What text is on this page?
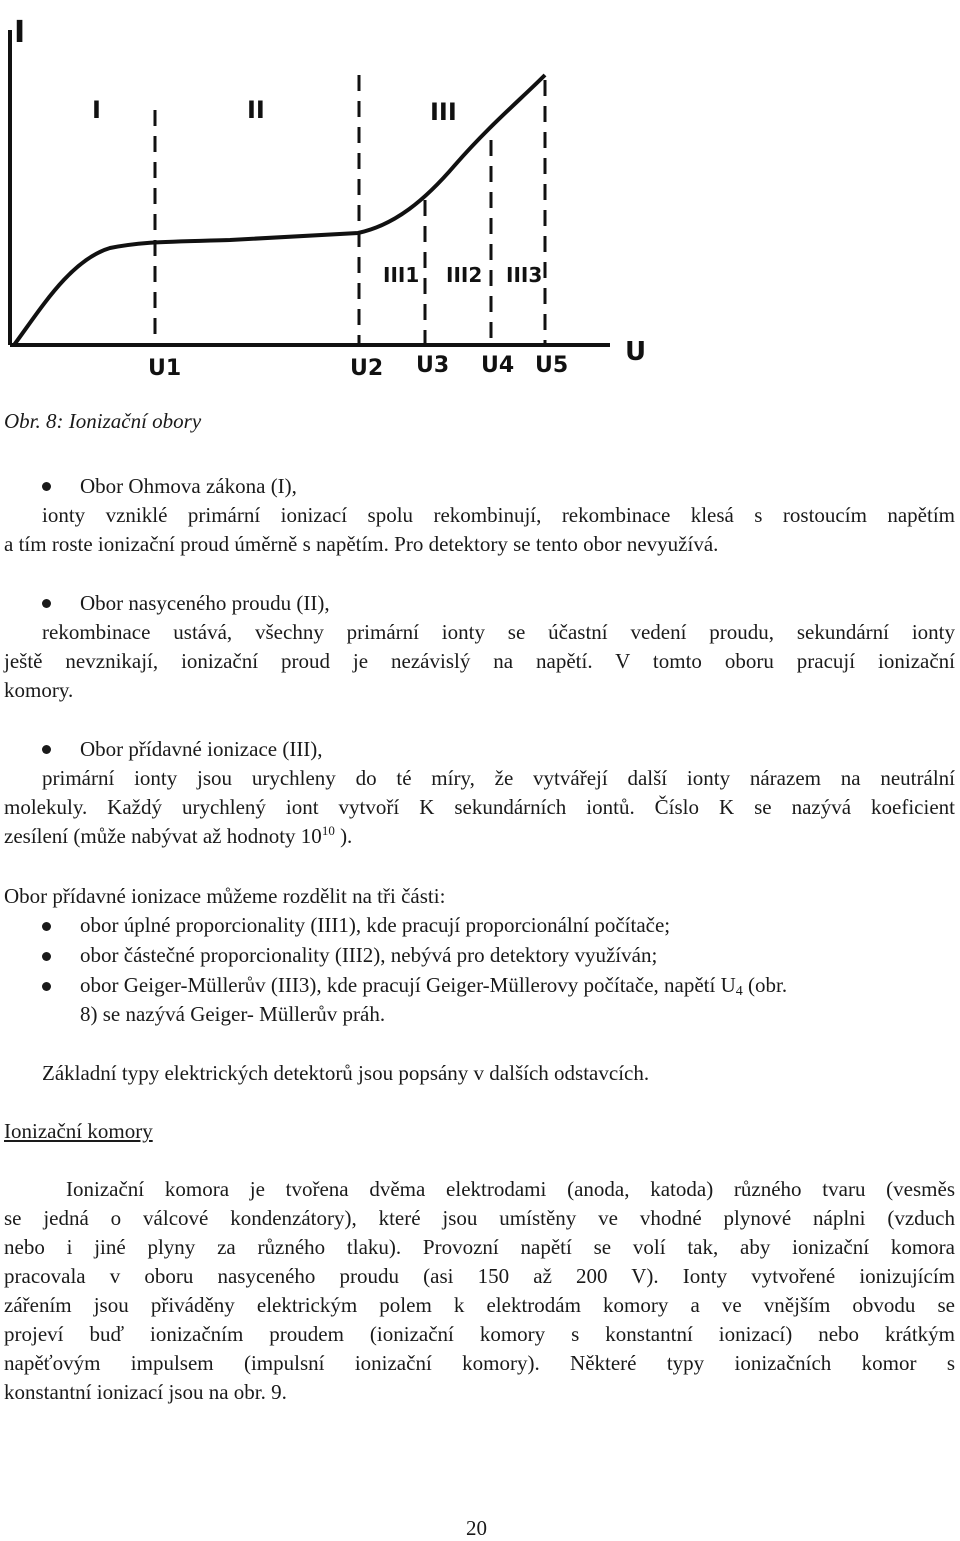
I
U
I	II	III
III1 III2 III3
U1	U2 U3 U4 U5
Obr. 8: Ionizační obory
Obor Ohmova zákona (I),
ionty vzniklé primární ionizací spolu rekombinují, rekombinace klesá s rostoucím napětím
a tím roste ionizační proud úměrně s napětím. Pro detektory se tento obor nevyužívá.
Obor nasyceného proudu (II),
rekombinace ustává, všechny primární ionty se účastní vedení proudu, sekundární ionty
ještě nevznikají, ionizační proud je nezávislý na napětí. V tomto oboru pracují ionizační
komory.
Obor přídavné ionizace (III),
primární ionty jsou urychleny do té míry, že vytvářejí další ionty nárazem na neutrální
molekuly. Každý urychlený iont vytvoří K sekundárních iontů. Číslo K se nazývá koeficient
zesílení (může nabývat až hodnoty $10^{10}$ ).
Obor přídavné ionizace můžeme rozdělit na tři části:
obor úplné proporcionality (III1), kde pracují proporcionální počítače;
obor částečné proporcionality (III2), nebývá pro detektory využíván;
obor Geiger-Müllerův (III3), kde pracují Geiger-Müllerovy počítače, napětí $U_4$ (obr.
8) se nazývá Geiger- Müllerův práh.
Základní typy elektrických detektorů jsou popsány v dalších odstavcích.
Ionizační komory
Ionizační komora je tvořena dvěma elektrodami (anoda, katoda) různého tvaru (vesměs
se jedná o válcové kondenzátory), které jsou umístěny ve vhodné plynové náplni (vzduch
nebo i jiné plyny za různého tlaku). Provozní napětí se volí tak, aby ionizační komora
pracovala v oboru nasyceného proudu (asi 150 až 200 V). Ionty vytvořené ionizujícím
zářením jsou přiváděny elektrickým polem k elektrodám komory a ve vnějším obvodu se
projeví buď ionizačním proudem (ionizační komory s konstantní ionizací) nebo krátkým
napěťovým impulsem (impulsní ionizační komory). Některé typy ionizačních komor s
konstantní ionizací jsou na obr. 9.
20
